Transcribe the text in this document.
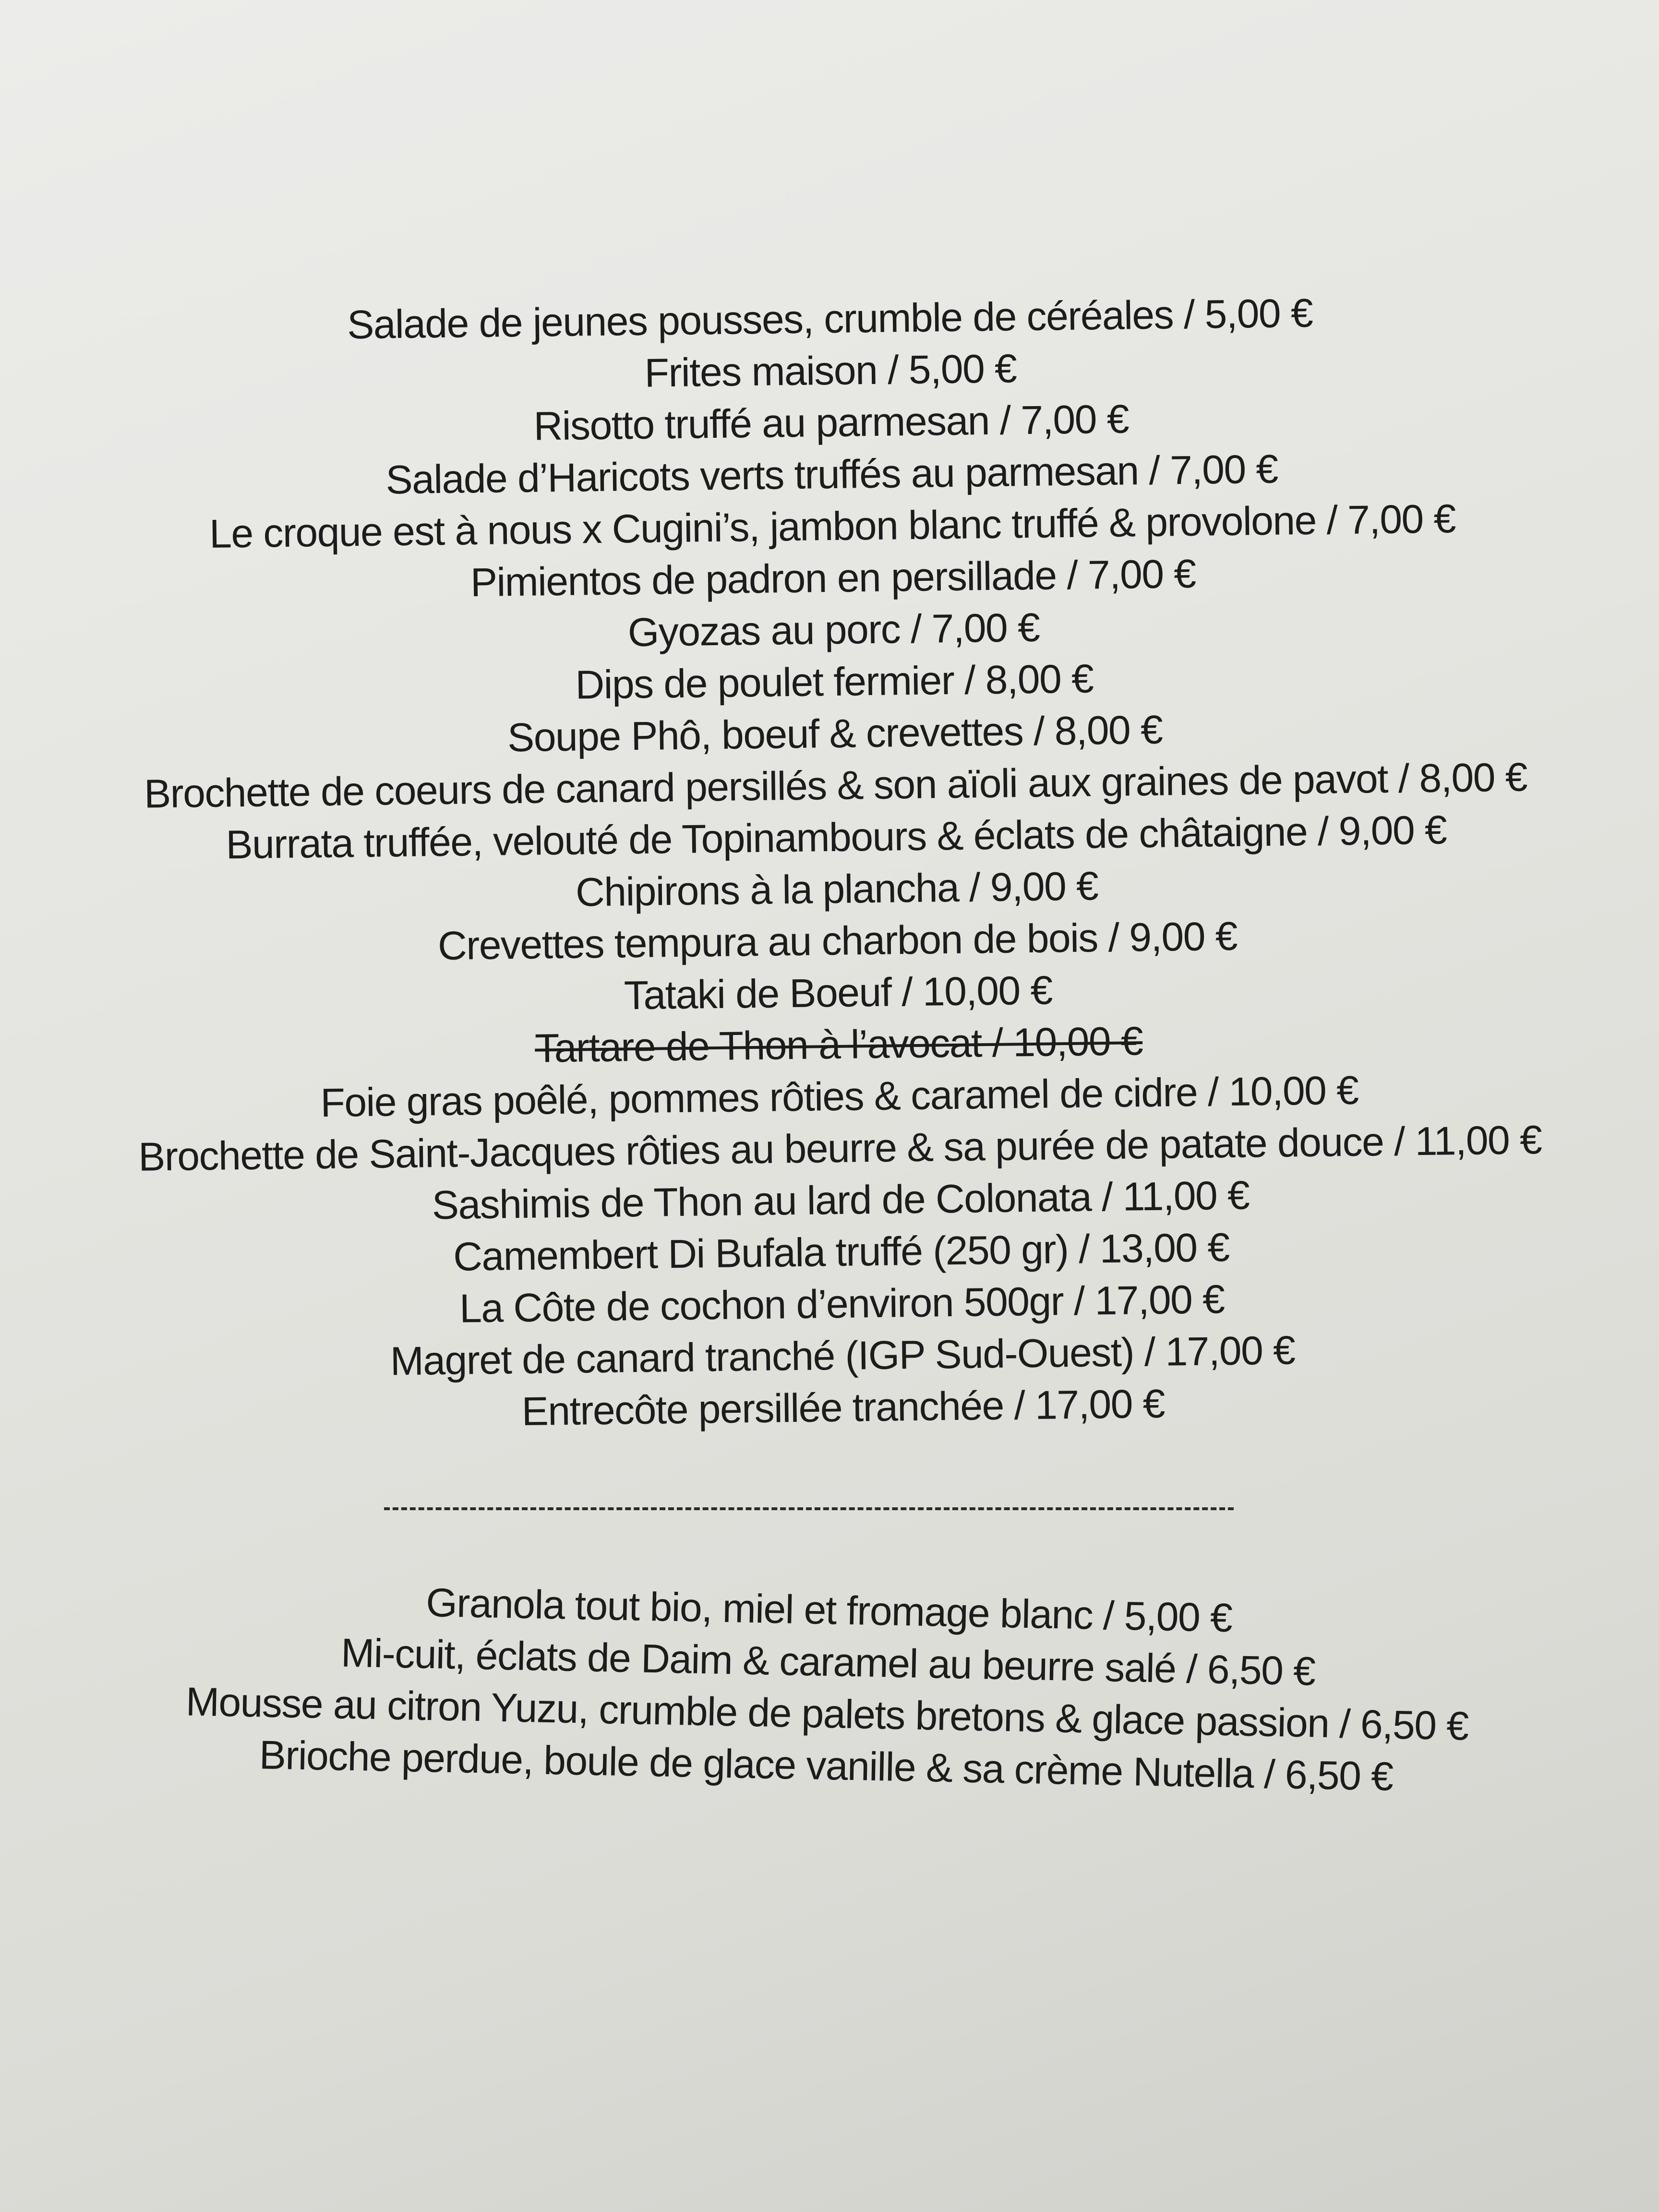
Salade de jeunes pousses, crumble de céréales / 5,00 €
Frites maison / 5,00 €
Risotto truffé au parmesan / 7,00 €
Salade d’Haricots verts truffés au parmesan / 7,00 €
Le croque est à nous x Cugini’s, jambon blanc truffé & provolone / 7,00 €
Pimientos de padron en persillade / 7,00 €
Gyozas au porc / 7,00 €
Dips de poulet fermier / 8,00 €
Soupe Phô, boeuf & crevettes / 8,00 €
Brochette de coeurs de canard persillés & son aïoli aux graines de pavot / 8,00 €
Burrata truffée, velouté de Topinambours & éclats de châtaigne / 9,00 €
Chipirons à la plancha / 9,00 €
Crevettes tempura au charbon de bois / 9,00 €
Tataki de Boeuf / 10,00 €
Tartare de Thon à l’avocat / 10,00 €
Foie gras poêlé, pommes rôties & caramel de cidre / 10,00 €
Brochette de Saint-Jacques rôties au beurre & sa purée de patate douce / 11,00 €
Sashimis de Thon au lard de Colonata / 11,00 €
Camembert Di Bufala truffé (250 gr) / 13,00 €
La Côte de cochon d’environ 500gr / 17,00 €
Magret de canard tranché (IGP Sud-Ouest) / 17,00 €
Entrecôte persillée tranchée / 17,00 €
Granola tout bio, miel et fromage blanc / 5,00 €
Mi-cuit, éclats de Daim & caramel au beurre salé / 6,50 €
Mousse au citron Yuzu, crumble de palets bretons & glace passion / 6,50 €
Brioche perdue, boule de glace vanille & sa crème Nutella / 6,50 €
